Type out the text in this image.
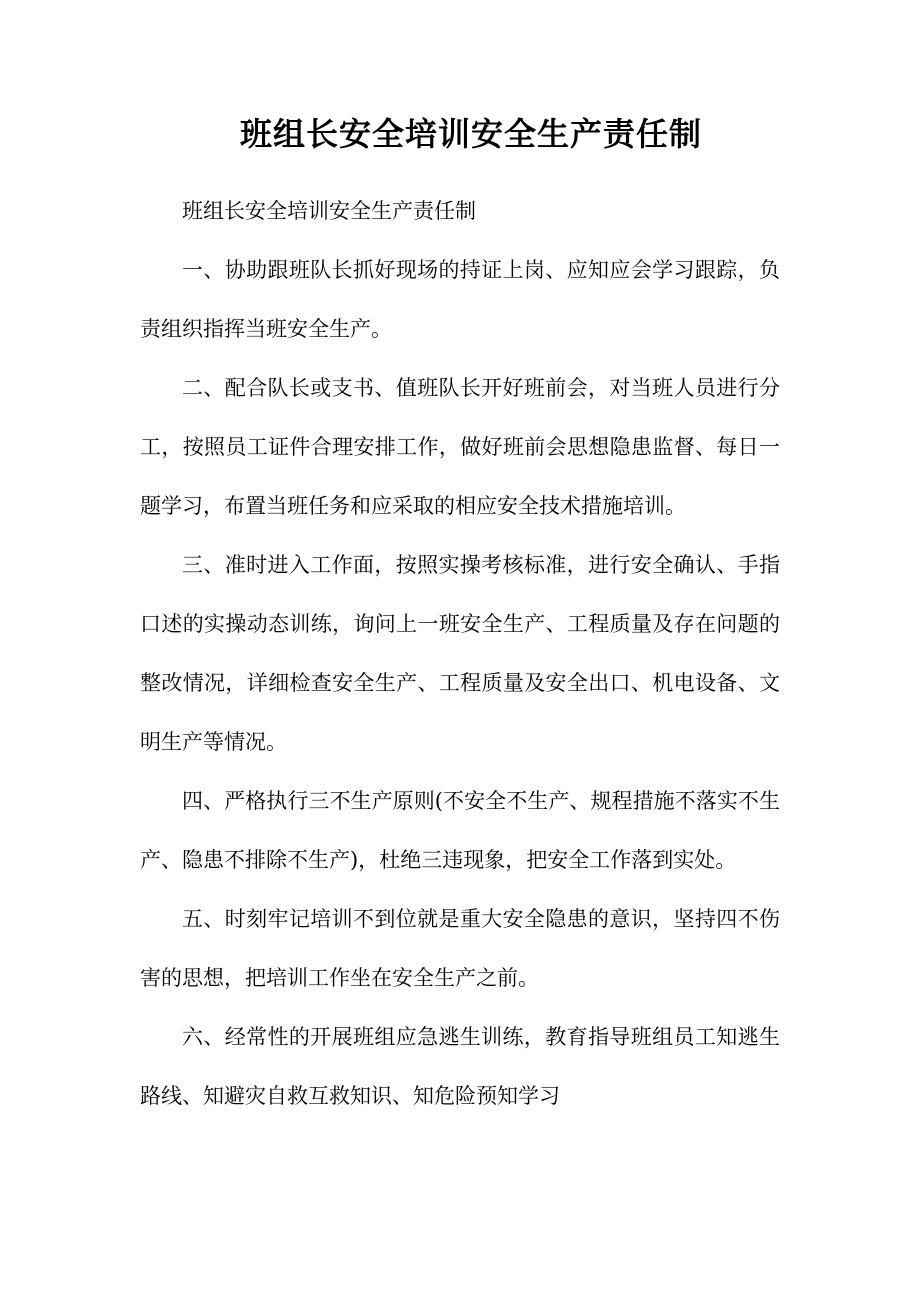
班组长安全培训安全生产责任制

班组长安全培训安全生产责任制

一、协助跟班队长抓好现场的持证上岗、应知应会学习跟踪，负责组织指挥当班安全生产。

二、配合队长或支书、值班队长开好班前会，对当班人员进行分工，按照员工证件合理安排工作，做好班前会思想隐患监督、每日一题学习，布置当班任务和应采取的相应安全技术措施培训。

三、准时进入工作面，按照实操考核标准，进行安全确认、手指口述的实操动态训练，询问上一班安全生产、工程质量及存在问题的整改情况，详细检查安全生产、工程质量及安全出口、机电设备、文明生产等情况。

四、严格执行三不生产原则(不安全不生产、规程措施不落实不生产、隐患不排除不生产)，杜绝三违现象，把安全工作落到实处。

五、时刻牢记培训不到位就是重大安全隐患的意识，坚持四不伤害的思想，把培训工作坐在安全生产之前。

六、经常性的开展班组应急逃生训练，教育指导班组员工知逃生路线、知避灾自救互救知识、知危险预知学习
